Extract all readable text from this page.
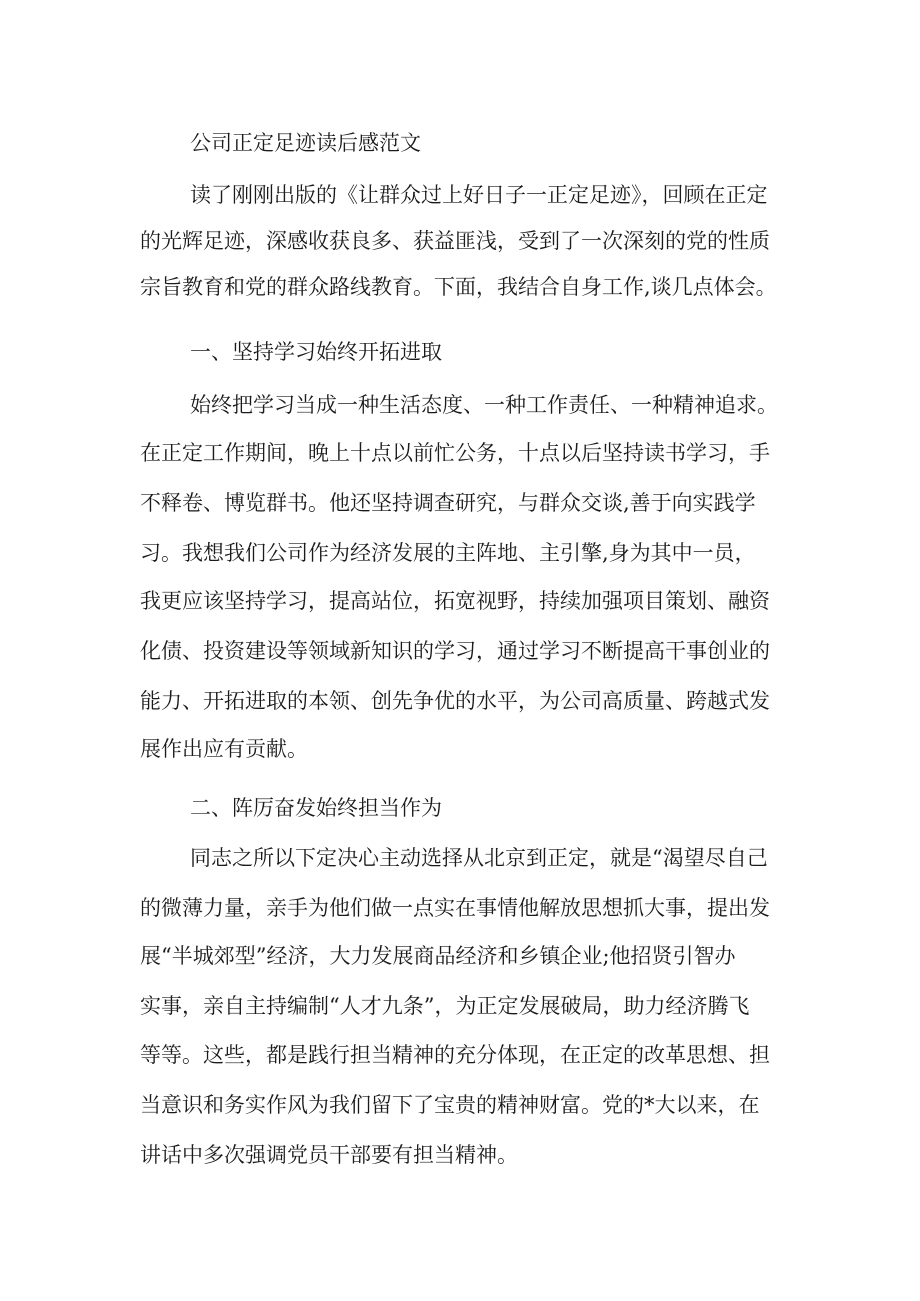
公司正定足迹读后感范文
读了刚刚出版的《让群众过上好日子一正定足迹》，回顾在正定
的光辉足迹，深感收获良多、获益匪浅，受到了一次深刻的党的性质
宗旨教育和党的群众路线教育。下面，我结合自身工作,谈几点体会。
一、坚持学习始终开拓进取
始终把学习当成一种生活态度、一种工作责任、一种精神追求。
在正定工作期间，晚上十点以前忙公务，十点以后坚持读书学习，手
不释卷、博览群书。他还坚持调查研究，与群众交谈,善于向实践学
习。我想我们公司作为经济发展的主阵地、主引擎,身为其中一员，
我更应该坚持学习，提高站位，拓宽视野，持续加强项目策划、融资
化债、投资建设等领域新知识的学习，通过学习不断提高干事创业的
能力、开拓进取的本领、创先争优的水平，为公司高质量、跨越式发
展作出应有贡献。
二、阵厉奋发始终担当作为
同志之所以下定决心主动选择从北京到正定，就是“渴望尽自己
的微薄力量，亲手为他们做一点实在事情他解放思想抓大事，提出发
展“半城郊型”经济，大力发展商品经济和乡镇企业;他招贤引智办
实事，亲自主持编制“人才九条”，为正定发展破局，助力经济腾飞
等等。这些，都是践行担当精神的充分体现，在正定的改革思想、担
当意识和务实作风为我们留下了宝贵的精神财富。党的*大以来，在
讲话中多次强调党员干部要有担当精神。
